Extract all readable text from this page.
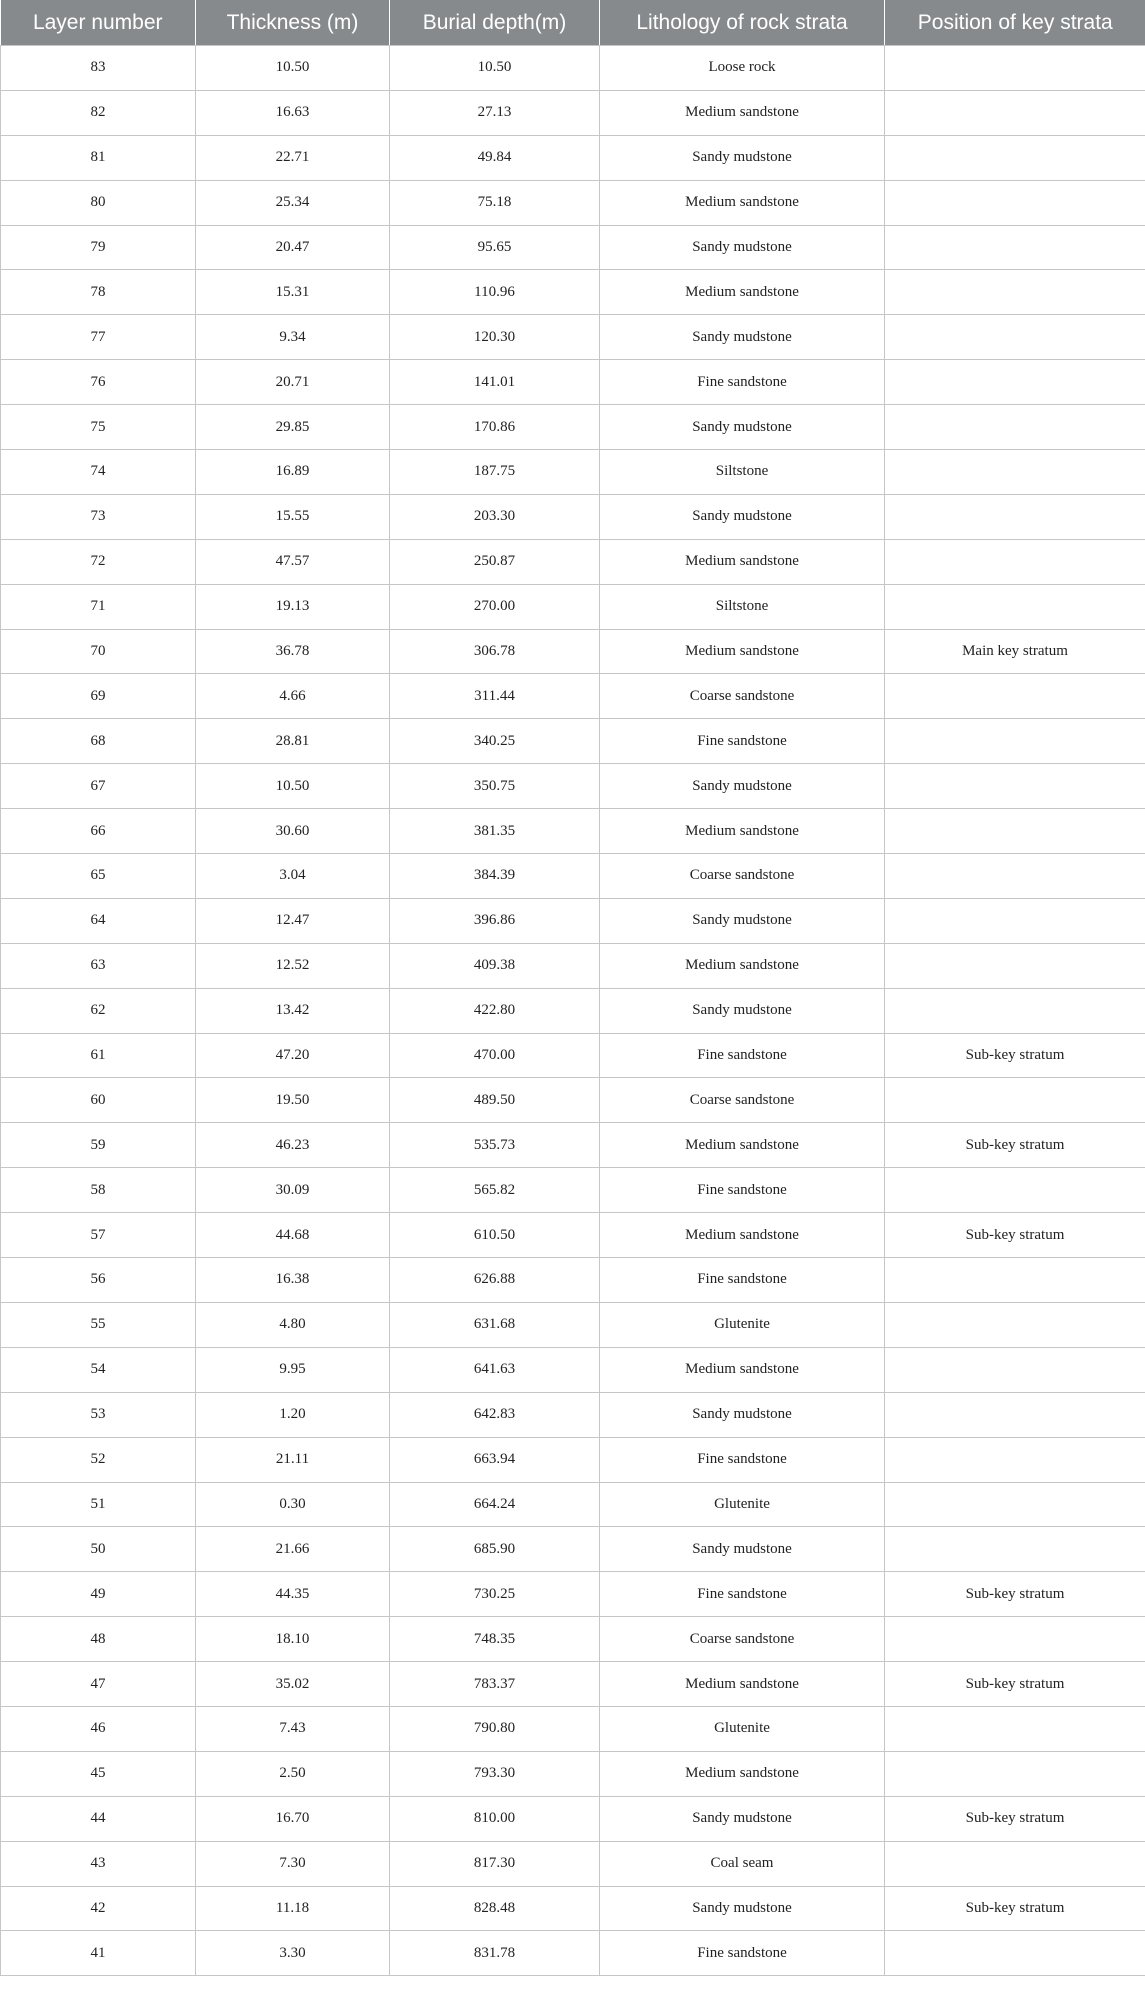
Layer number	Thickness (m)	Burial depth(m)	Lithology of rock strata	Position of key strata
83	10.50	10.50	Loose rock	
82	16.63	27.13	Medium sandstone	
81	22.71	49.84	Sandy mudstone	
80	25.34	75.18	Medium sandstone	
79	20.47	95.65	Sandy mudstone	
78	15.31	110.96	Medium sandstone	
77	9.34	120.30	Sandy mudstone	
76	20.71	141.01	Fine sandstone	
75	29.85	170.86	Sandy mudstone	
74	16.89	187.75	Siltstone	
73	15.55	203.30	Sandy mudstone	
72	47.57	250.87	Medium sandstone	
71	19.13	270.00	Siltstone	
70	36.78	306.78	Medium sandstone	Main key stratum
69	4.66	311.44	Coarse sandstone	
68	28.81	340.25	Fine sandstone	
67	10.50	350.75	Sandy mudstone	
66	30.60	381.35	Medium sandstone	
65	3.04	384.39	Coarse sandstone	
64	12.47	396.86	Sandy mudstone	
63	12.52	409.38	Medium sandstone	
62	13.42	422.80	Sandy mudstone	
61	47.20	470.00	Fine sandstone	Sub-key stratum
60	19.50	489.50	Coarse sandstone	
59	46.23	535.73	Medium sandstone	Sub-key stratum
58	30.09	565.82	Fine sandstone	
57	44.68	610.50	Medium sandstone	Sub-key stratum
56	16.38	626.88	Fine sandstone	
55	4.80	631.68	Glutenite	
54	9.95	641.63	Medium sandstone	
53	1.20	642.83	Sandy mudstone	
52	21.11	663.94	Fine sandstone	
51	0.30	664.24	Glutenite	
50	21.66	685.90	Sandy mudstone	
49	44.35	730.25	Fine sandstone	Sub-key stratum
48	18.10	748.35	Coarse sandstone	
47	35.02	783.37	Medium sandstone	Sub-key stratum
46	7.43	790.80	Glutenite	
45	2.50	793.30	Medium sandstone	
44	16.70	810.00	Sandy mudstone	Sub-key stratum
43	7.30	817.30	Coal seam	
42	11.18	828.48	Sandy mudstone	Sub-key stratum
41	3.30	831.78	Fine sandstone	
